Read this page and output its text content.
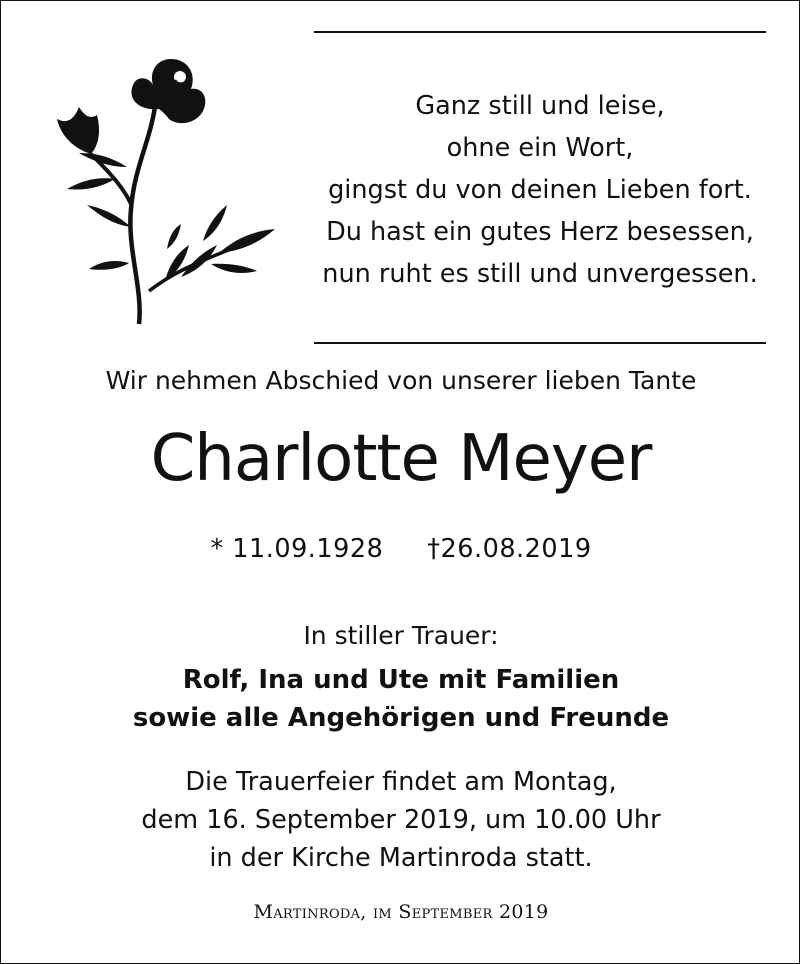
Ganz still und leise,
ohne ein Wort,
gingst du von deinen Lieben fort.
Du hast ein gutes Herz besessen,
nun ruht es still und unvergessen.
Wir nehmen Abschied von unserer lieben Tante
Charlotte Meyer
* 11.09.1928 †26.08.2019
In stiller Trauer:
Rolf, Ina und Ute mit Familien
sowie alle Angehörigen und Freunde
Die Trauerfeier findet am Montag,
dem 16. September 2019, um 10.00 Uhr
in der Kirche Martinroda statt.
Martinroda, im September 2019
